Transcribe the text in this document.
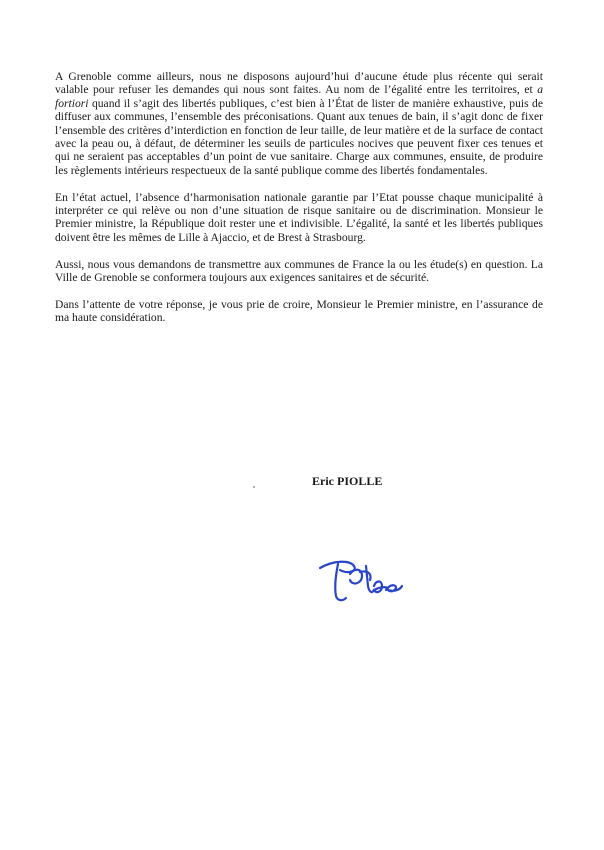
A Grenoble comme ailleurs, nous ne disposons aujourd’hui d’aucune étude plus récente qui serait valable pour refuser les demandes qui nous sont faites. Au nom de l’égalité entre les territoires, et a fortiori quand il s’agit des libertés publiques, c’est bien à l’État de lister de manière exhaustive, puis de diffuser aux communes, l’ensemble des préconisations. Quant aux tenues de bain, il s’agit donc de fixer l’ensemble des critères d’interdiction en fonction de leur taille, de leur matière et de la surface de contact avec la peau ou, à défaut, de déterminer les seuils de particules nocives que peuvent fixer ces tenues et qui ne seraient pas acceptables d’un point de vue sanitaire. Charge aux communes, ensuite, de produire les règlements intérieurs respectueux de la santé publique comme des libertés fondamentales.

En l’état actuel, l’absence d’harmonisation nationale garantie par l’Etat pousse chaque municipalité à interpréter ce qui relève ou non d’une situation de risque sanitaire ou de discrimination. Monsieur le Premier ministre, la République doit rester une et indivisible. L’égalité, la santé et les libertés publiques doivent être les mêmes de Lille à Ajaccio, et de Brest à Strasbourg.

Aussi, nous vous demandons de transmettre aux communes de France la ou les étude(s) en question. La Ville de Grenoble se conformera toujours aux exigences sanitaires et de sécurité.

Dans l’attente de votre réponse, je vous prie de croire, Monsieur le Premier ministre, en l’assurance de ma haute considération.

Eric PIOLLE
